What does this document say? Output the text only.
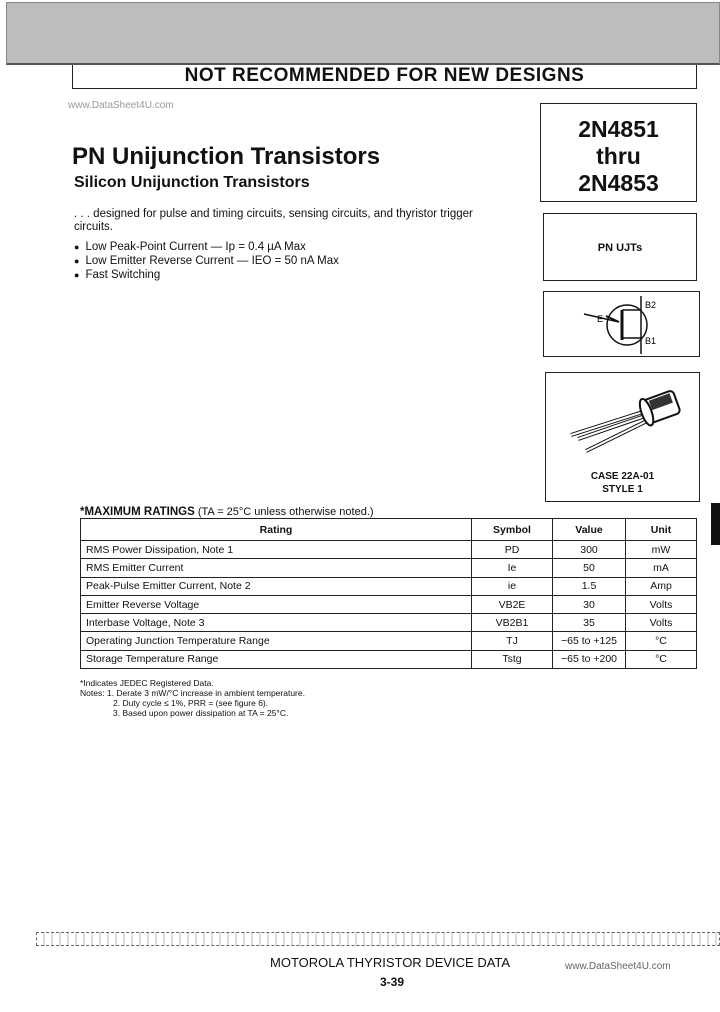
NOT RECOMMENDED FOR NEW DESIGNS
www.DataSheet4U.com
PN Unijunction Transistors
Silicon Unijunction Transistors
. . . designed for pulse and timing circuits, sensing circuits, and thyristor trigger circuits.
● Low Peak-Point Current — Ip = 0.4 µA Max
● Low Emitter Reverse Current — IEO = 50 nA Max
● Fast Switching
2N4851
thru
2N4853
PN UJTs
E
B2
B1
CASE 22A-01
STYLE 1
*MAXIMUM RATINGS (TA = 25°C unless otherwise noted.)
Rating	Symbol	Value	Unit
RMS Power Dissipation, Note 1	PD	300	mW
RMS Emitter Current	Ie	50	mA
Peak-Pulse Emitter Current, Note 2	ie	1.5	Amp
Emitter Reverse Voltage	VB2E	30	Volts
Interbase Voltage, Note 3	VB2B1	35	Volts
Operating Junction Temperature Range	TJ	−65 to +125	°C
Storage Temperature Range	Tstg	−65 to +200	°C
*Indicates JEDEC Registered Data.
Notes: 1. Derate 3 mW/°C increase in ambient temperature.
2. Duty cycle ≤ 1%, PRR = (see figure 6).
3. Based upon power dissipation at TA = 25°C.
MOTOROLA THYRISTOR DEVICE DATA	www.DataSheet4U.com
3-39
